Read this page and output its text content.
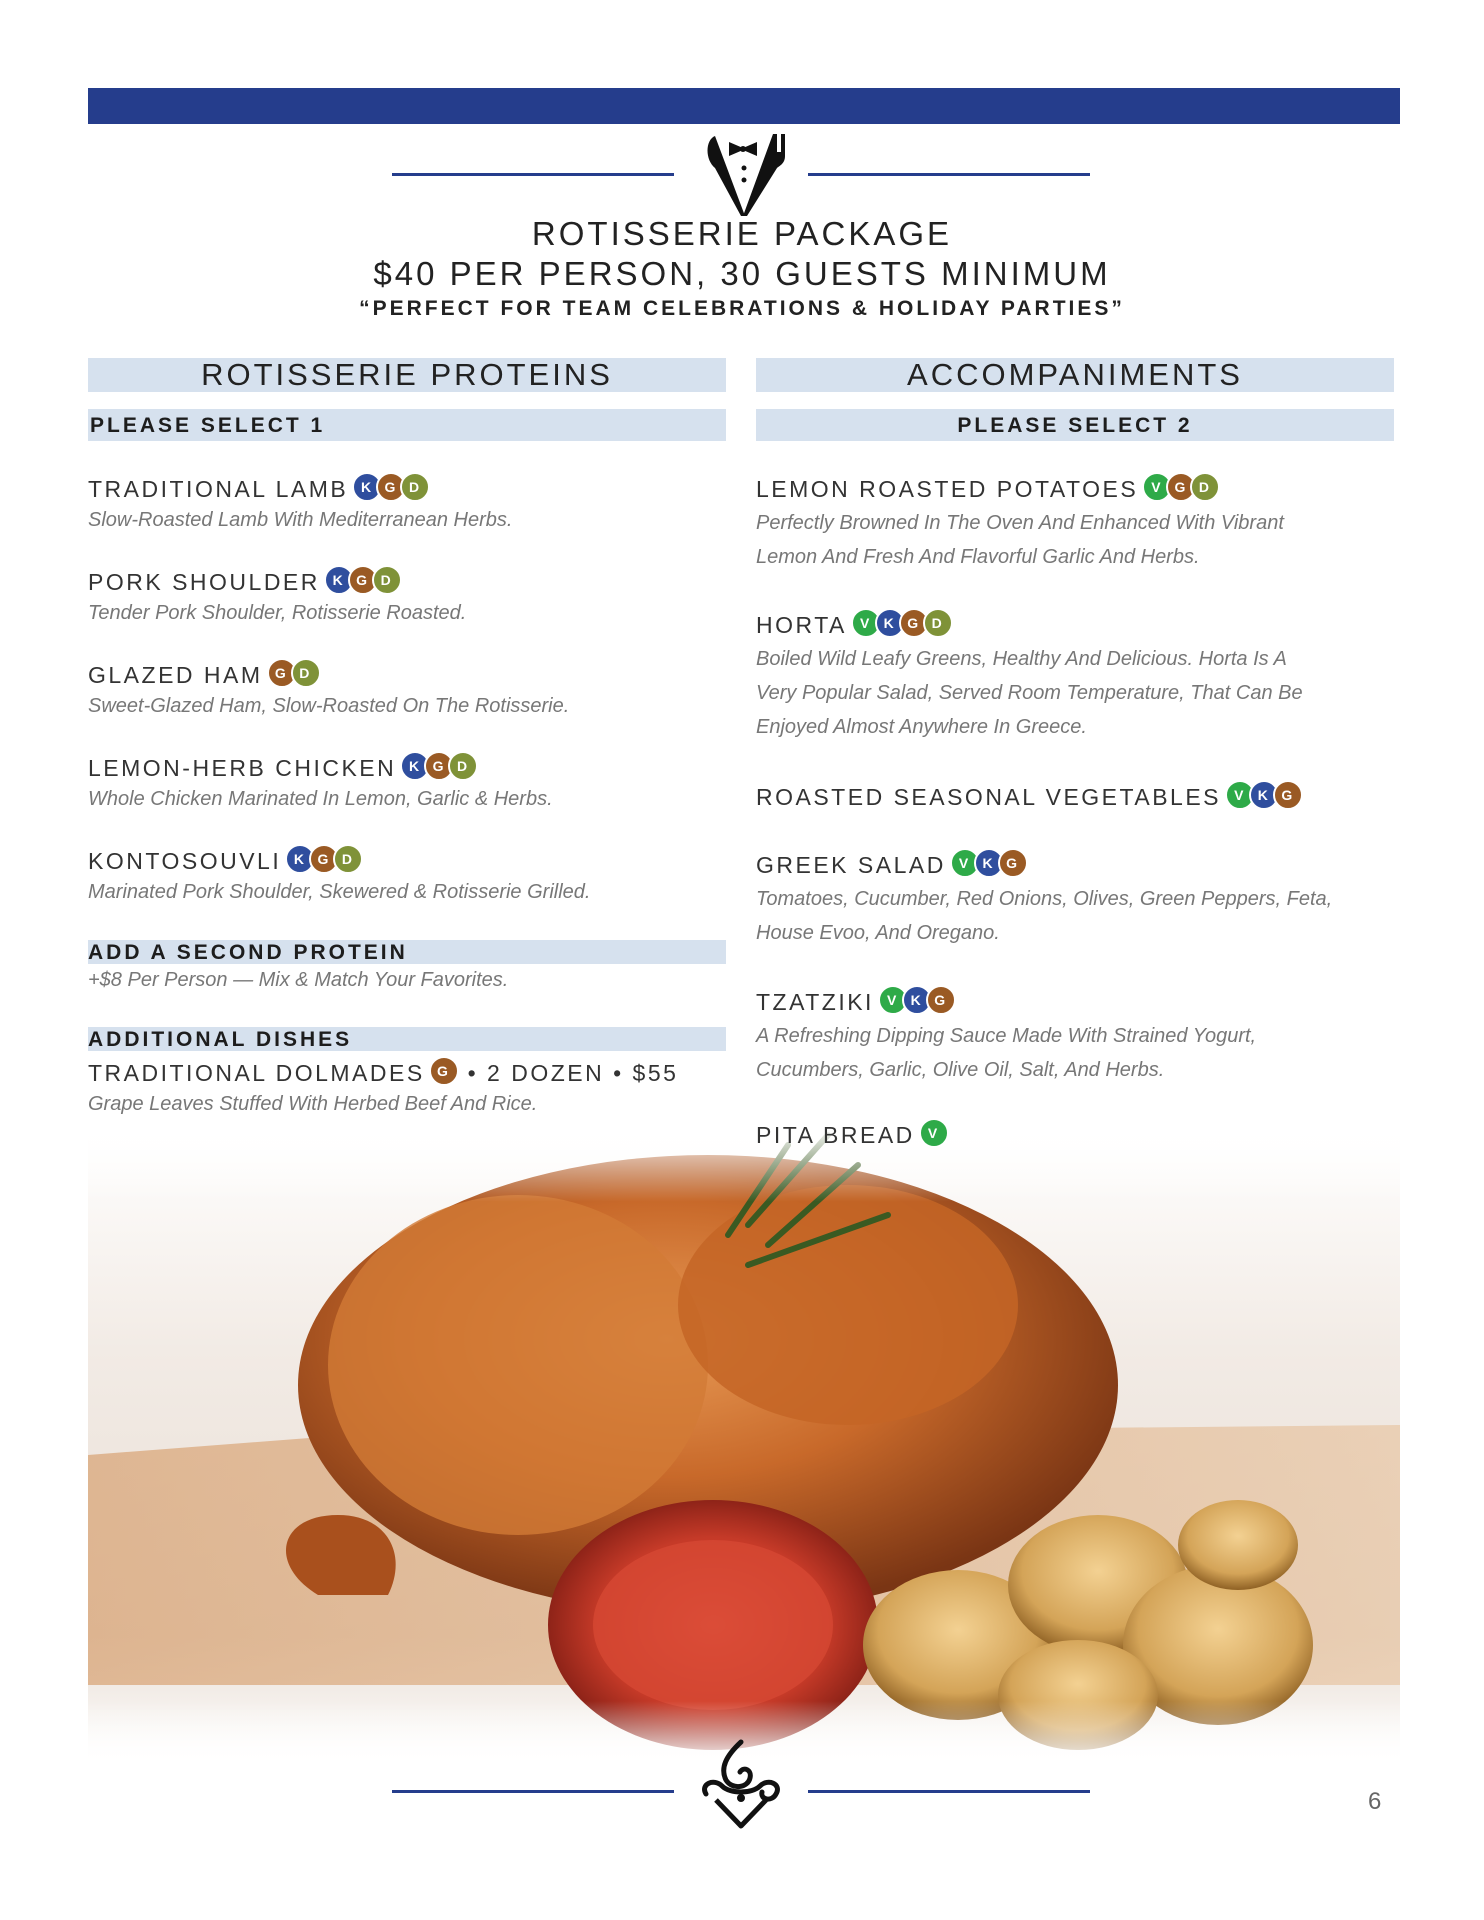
ROTISSERIE PACKAGE
$40 PER PERSON, 30 GUESTS MINIMUM
“PERFECT FOR TEAM CELEBRATIONS & HOLIDAY PARTIES”
ROTISSERIE PROTEINS
PLEASE SELECT 1
TRADITIONAL LAMB K G D
Slow-Roasted Lamb With Mediterranean Herbs.
PORK SHOULDER K G D
Tender Pork Shoulder, Rotisserie Roasted.
GLAZED HAM G D
Sweet-Glazed Ham, Slow-Roasted On The Rotisserie.
LEMON-HERB CHICKEN K G D
Whole Chicken Marinated In Lemon, Garlic & Herbs.
KONTOSOUVLI K G D
Marinated Pork Shoulder, Skewered & Rotisserie Grilled.
ADD A SECOND PROTEIN
+$8 Per Person — Mix & Match Your Favorites.
ADDITIONAL DISHES
TRADITIONAL DOLMADES G • 2 DOZEN • $55
Grape Leaves Stuffed With Herbed Beef And Rice.
ACCOMPANIMENTS
PLEASE SELECT 2
LEMON ROASTED POTATOES V G D
Perfectly Browned In The Oven And Enhanced With Vibrant
Lemon And Fresh And Flavorful Garlic And Herbs.
HORTA V K G D
Boiled Wild Leafy Greens, Healthy And Delicious. Horta Is A
Very Popular Salad, Served Room Temperature, That Can Be
Enjoyed Almost Anywhere In Greece.
ROASTED SEASONAL VEGETABLES V K G
GREEK SALAD V K G
Tomatoes, Cucumber, Red Onions, Olives, Green Peppers, Feta,
House Evoo, And Oregano.
TZATZIKI V K G
A Refreshing Dipping Sauce Made With Strained Yogurt,
Cucumbers, Garlic, Olive Oil, Salt, And Herbs.
PITA BREAD V
6
